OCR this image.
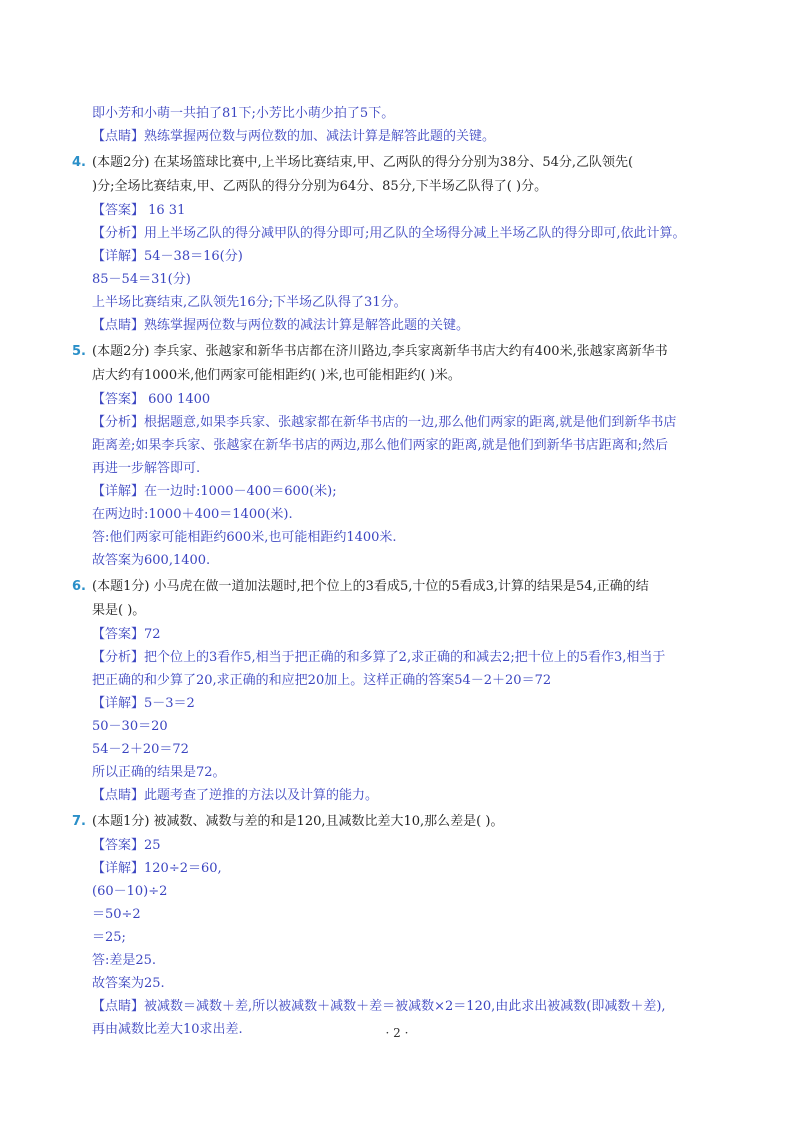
即小芳和小萌一共拍了81下;小芳比小萌少拍了5下。
【点睛】熟练掌握两位数与两位数的加、减法计算是解答此题的关键。
(本题2分) 在某场篮球比赛中,上半场比赛结束,甲、乙两队的得分分别为38分、54分,乙队领先(
)分;全场比赛结束,甲、乙两队的得分分别为64分、85分,下半场乙队得了( )分。
【答案】 16 31
【分析】用上半场乙队的得分减甲队的得分即可;用乙队的全场得分减上半场乙队的得分即可,依此计算。
【详解】54－38＝16(分)
85－54＝31(分)
上半场比赛结束,乙队领先16分;下半场乙队得了31分。
【点睛】熟练掌握两位数与两位数的减法计算是解答此题的关键。
(本题2分) 李兵家、张越家和新华书店都在济川路边,李兵家离新华书店大约有400米,张越家离新华书
店大约有1000米,他们两家可能相距约( )米,也可能相距约( )米。
【答案】 600 1400
【分析】根据题意,如果李兵家、张越家都在新华书店的一边,那么他们两家的距离,就是他们到新华书店
距离差;如果李兵家、张越家在新华书店的两边,那么他们两家的距离,就是他们到新华书店距离和;然后
再进一步解答即可.
【详解】在一边时:1000－400＝600(米);
在两边时:1000＋400＝1400(米).
答:他们两家可能相距约600米,也可能相距约1400米.
故答案为600,1400.
(本题1分) 小马虎在做一道加法题时,把个位上的3看成5,十位的5看成3,计算的结果是54,正确的结
果是( )。
【答案】72
【分析】把个位上的3看作5,相当于把正确的和多算了2,求正确的和减去2;把十位上的5看作3,相当于
把正确的和少算了20,求正确的和应把20加上。这样正确的答案54－2＋20＝72
【详解】5－3＝2
50－30＝20
54－2＋20＝72
所以正确的结果是72。
【点睛】此题考查了逆推的方法以及计算的能力。
(本题1分) 被减数、减数与差的和是120,且减数比差大10,那么差是( )。
【答案】25
【详解】120÷2＝60,
(60－10)÷2
＝50÷2
＝25;
答:差是25.
故答案为25.
【点睛】被减数＝减数＋差,所以被减数＋减数＋差＝被减数×2＝120,由此求出被减数(即减数＋差),
再由减数比差大10求出差.
4.
5.
6.
7.
· 2 ·
